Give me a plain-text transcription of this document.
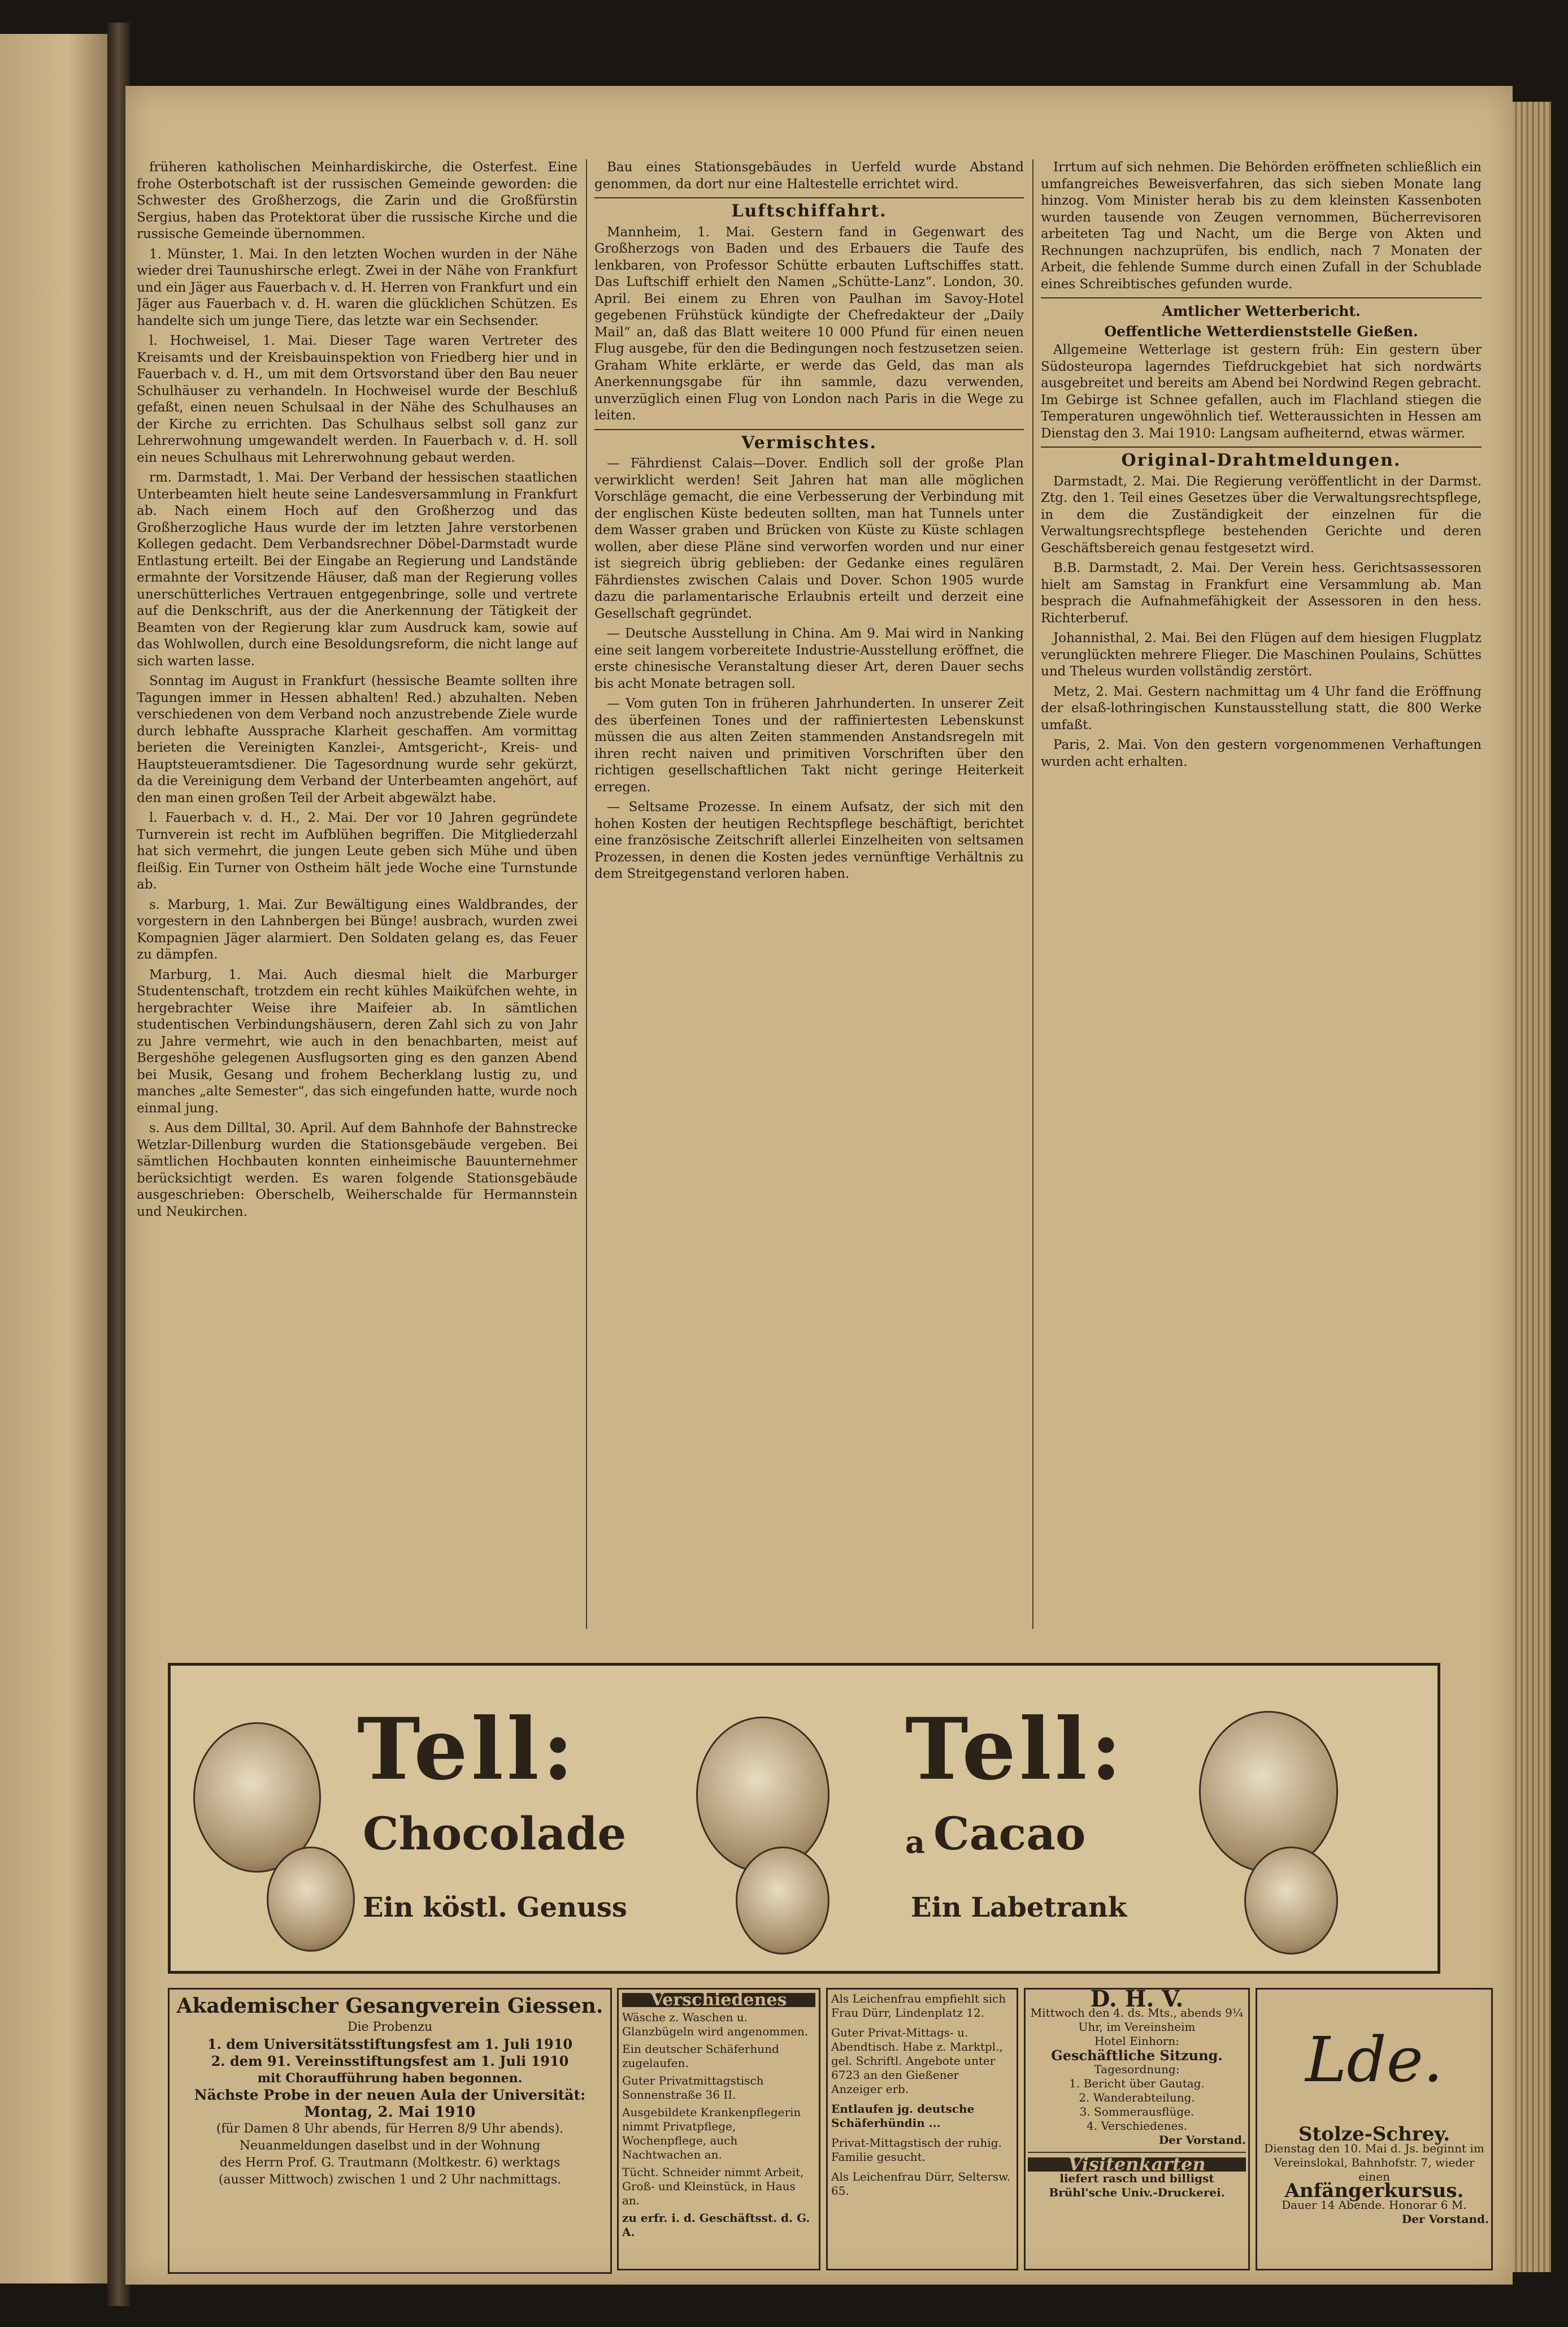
früheren katholischen Meinhardiskirche, die Osterfest. Eine frohe Osterbotschaft ist der russischen Gemeinde geworden: die Schwester des Großherzogs, die Zarin und die Großfürstin Sergius, haben das Protektorat über die russische Kirche und die russische Gemeinde übernommen.

1. Münster, 1. Mai. In den letzten Wochen wurden in der Nähe wieder drei Taunushirsche erlegt. Zwei in der Nähe von Frankfurt und ein Jäger aus Fauerbach v. d. H. Herren von Frankfurt und ein Jäger aus Fauerbach v. d. H. waren die glücklichen Schützen. Es handelte sich um junge Tiere, das letzte war ein Sechsender.

l. Hochweisel, 1. Mai. Dieser Tage waren Vertreter des Kreisamts und der Kreisbauinspektion von Friedberg hier und in Fauerbach v. d. H., um mit dem Ortsvorstand über den Bau neuer Schulhäuser zu verhandeln. In Hochweisel wurde der Beschluß gefaßt, einen neuen Schulsaal in der Nähe des Schulhauses an der Kirche zu errichten. Das Schulhaus selbst soll ganz zur Lehrerwohnung umgewandelt werden. In Fauerbach v. d. H. soll ein neues Schulhaus mit Lehrerwohnung gebaut werden.

rm. Darmstadt, 1. Mai. Der Verband der hessischen staatlichen Unterbeamten hielt heute seine Landesversammlung in Frankfurt ab. Nach einem Hoch auf den Großherzog und das Großherzogliche Haus wurde der im letzten Jahre verstorbenen Kollegen gedacht. Dem Verbandsrechner Döbel-Darmstadt wurde Entlastung erteilt. Bei der Eingabe an Regierung und Landstände ermahnte der Vorsitzende Häuser, daß man der Regierung volles unerschütterliches Vertrauen entgegenbringe, solle und vertrete auf die Denkschrift, aus der die Anerkennung der Tätigkeit der Beamten von der Regierung klar zum Ausdruck kam, sowie auf das Wohlwollen, durch eine Besoldungsreform, die nicht lange auf sich warten lasse.

Sonntag im August in Frankfurt (hessische Beamte sollten ihre Tagungen immer in Hessen abhalten! Red.) abzuhalten. Neben verschiedenen von dem Verband noch anzustrebende Ziele wurde durch lebhafte Aussprache Klarheit geschaffen. Am vormittag berieten die Vereinigten Kanzlei-, Amtsgericht-, Kreis- und Hauptsteueramtsdiener. Die Tagesordnung wurde sehr gekürzt, da die Vereinigung dem Verband der Unterbeamten angehört, auf den man einen großen Teil der Arbeit abgewälzt habe.

l. Fauerbach v. d. H., 2. Mai. Der vor 10 Jahren gegründete Turnverein ist recht im Aufblühen begriffen. Die Mitgliederzahl hat sich vermehrt, die jungen Leute geben sich Mühe und üben fleißig. Ein Turner von Ostheim hält jede Woche eine Turnstunde ab.

s. Marburg, 1. Mai. Zur Bewältigung eines Waldbrandes, der vorgestern in den Lahnbergen bei Bünge! ausbrach, wurden zwei Kompagnien Jäger alarmiert. Den Soldaten gelang es, das Feuer zu dämpfen.

Marburg, 1. Mai. Auch diesmal hielt die Marburger Studentenschaft, trotzdem ein recht kühles Maiküfchen wehte, in hergebrachter Weise ihre Maifeier ab. In sämtlichen studentischen Verbindungshäusern, deren Zahl sich zu von Jahr zu Jahre vermehrt, wie auch in den benachbarten, meist auf Bergeshöhe gelegenen Ausflugsorten ging es den ganzen Abend bei Musik, Gesang und frohem Becherklang lustig zu, und manches „alte Semester“, das sich eingefunden hatte, wurde noch einmal jung.

s. Aus dem Dilltal, 30. April. Auf dem Bahnhofe der Bahnstrecke Wetzlar-Dillenburg wurden die Stationsgebäude vergeben. Bei sämtlichen Hochbauten konnten einheimische Bauunternehmer berücksichtigt werden. Es waren folgende Stationsgebäude ausgeschrieben: Oberschelb, Weiherschalde für Hermannstein und Neukirchen.

Bau eines Stationsgebäudes in Uerfeld wurde Abstand genommen, da dort nur eine Haltestelle errichtet wird.

Luftschiffahrt.

Mannheim, 1. Mai. Gestern fand in Gegenwart des Großherzogs von Baden und des Erbauers die Taufe des lenkbaren, von Professor Schütte erbauten Luftschiffes statt. Das Luftschiff erhielt den Namen „Schütte-Lanz“. London, 30. April. Bei einem zu Ehren von Paulhan im Savoy-Hotel gegebenen Frühstück kündigte der Chefredakteur der „Daily Mail“ an, daß das Blatt weitere 10 000 Pfund für einen neuen Flug ausgebe, für den die Bedingungen noch festzusetzen seien. Graham White erklärte, er werde das Geld, das man als Anerkennungsgabe für ihn sammle, dazu verwenden, unverzüglich einen Flug von London nach Paris in die Wege zu leiten.

Vermischtes.

— Fährdienst Calais—Dover. Endlich soll der große Plan verwirklicht werden! Seit Jahren hat man alle möglichen Vorschläge gemacht, die eine Verbesserung der Verbindung mit der englischen Küste bedeuten sollten, man hat Tunnels unter dem Wasser graben und Brücken von Küste zu Küste schlagen wollen, aber diese Pläne sind verworfen worden und nur einer ist siegreich übrig geblieben: der Gedanke eines regulären Fährdienstes zwischen Calais und Dover. Schon 1905 wurde dazu die parlamentarische Erlaubnis erteilt und derzeit eine Gesellschaft gegründet.

— Deutsche Ausstellung in China. Am 9. Mai wird in Nanking eine seit langem vorbereitete Industrie-Ausstellung eröffnet, die erste chinesische Veranstaltung dieser Art, deren Dauer sechs bis acht Monate betragen soll.

— Vom guten Ton in früheren Jahrhunderten. In unserer Zeit des überfeinen Tones und der raffiniertesten Lebenskunst müssen die aus alten Zeiten stammenden Anstandsregeln mit ihren recht naiven und primitiven Vorschriften über den richtigen gesellschaftlichen Takt nicht geringe Heiterkeit erregen.

— Seltsame Prozesse. In einem Aufsatz, der sich mit den hohen Kosten der heutigen Rechtspflege beschäftigt, berichtet eine französische Zeitschrift allerlei Einzelheiten von seltsamen Prozessen, in denen die Kosten jedes vernünftige Verhältnis zu dem Streitgegenstand verloren haben.

Irrtum auf sich nehmen. Die Behörden eröffneten schließlich ein umfangreiches Beweisverfahren, das sich sieben Monate lang hinzog. Vom Minister herab bis zu dem kleinsten Kassenboten wurden tausende von Zeugen vernommen, Bücherrevisoren arbeiteten Tag und Nacht, um die Berge von Akten und Rechnungen nachzuprüfen, bis endlich, nach 7 Monaten der Arbeit, die fehlende Summe durch einen Zufall in der Schublade eines Schreibtisches gefunden wurde.

Amtlicher Wetterbericht.
Oeffentliche Wetterdienststelle Gießen.

Allgemeine Wetterlage ist gestern früh: Ein gestern über Südosteuropa lagerndes Tiefdruckgebiet hat sich nordwärts ausgebreitet und bereits am Abend bei Nordwind Regen gebracht. Im Gebirge ist Schnee gefallen, auch im Flachland stiegen die Temperaturen ungewöhnlich tief. Wetteraussichten in Hessen am Dienstag den 3. Mai 1910: Langsam aufheiternd, etwas wärmer.

Original-Drahtmeldungen.

Darmstadt, 2. Mai. Die Regierung veröffentlicht in der Darmst. Ztg. den 1. Teil eines Gesetzes über die Verwaltungsrechtspflege, in dem die Zuständigkeit der einzelnen für die Verwaltungsrechtspflege bestehenden Gerichte und deren Geschäftsbereich genau festgesetzt wird.

B.B. Darmstadt, 2. Mai. Der Verein hess. Gerichtsassessoren hielt am Samstag in Frankfurt eine Versammlung ab. Man besprach die Aufnahmefähigkeit der Assessoren in den hess. Richterberuf.

Johannisthal, 2. Mai. Bei den Flügen auf dem hiesigen Flugplatz verunglückten mehrere Flieger. Die Maschinen Poulains, Schüttes und Theleus wurden vollständig zerstört.

Metz, 2. Mai. Gestern nachmittag um 4 Uhr fand die Eröffnung der elsaß-lothringischen Kunstausstellung statt, die 800 Werke umfaßt.

Paris, 2. Mai. Von den gestern vorgenommenen Verhaftungen wurden acht erhalten.

Tell:
Chocolade
Ein köstl. Genuss
Tell:
a Cacao
Ein Labetrank
Akademischer Gesangverein Giessen.
Die Probenzu
1. dem Universitätsstiftungsfest am 1. Juli 1910
2. dem 91. Vereinsstiftungsfest am 1. Juli 1910
mit Choraufführung haben begonnen.
Nächste Probe in der neuen Aula der Universität:
Montag, 2. Mai 1910
(für Damen 8 Uhr abends, für Herren 8/9 Uhr abends).
Neuanmeldungen daselbst und in der Wohnung
des Herrn Prof. G. Trautmann (Moltkestr. 6) werktags
(ausser Mittwoch) zwischen 1 und 2 Uhr nachmittags.
Verschiedenes
Wäsche z. Waschen u. Glanzbügeln wird angenommen.
Ein deutscher Schäferhund zugelaufen.
Guter Privatmittagstisch Sonnenstraße 36 II.
Ausgebildete Krankenpflegerin nimmt Privatpflege, Wochenpflege, auch Nachtwachen an.
Tücht. Schneider nimmt Arbeit, Groß- und Kleinstück, in Haus an.
zu erfr. i. d. Geschäftsst. d. G. A.
Als Leichenfrau empfiehlt sich Frau Dürr, Lindenplatz 12.
Guter Privat-Mittags- u. Abendtisch. Habe z. Marktpl., gel. Schriftl. Angebote unter 6723 an den Gießener Anzeiger erb.
Entlaufen jg. deutsche Schäferhündin ...
Privat-Mittagstisch der ruhig. Familie gesucht.
Als Leichenfrau Dürr, Seltersw. 65.
D. H. V.
Mittwoch den 4. ds. Mts., abends 9¼ Uhr, im Vereinsheim
Hotel Einhorn:
Geschäftliche Sitzung.
Tagesordnung:
1. Bericht über Gautag.
2. Wanderabteilung.
3. Sommerausflüge.
4. Verschiedenes.
Der Vorstand.
Visitenkarten
liefert rasch und billigst
Brühl'sche Univ.-Druckerei.
Lde.
Stolze-Schrey.
Dienstag den 10. Mai d. Js. beginnt im Vereinslokal, Bahnhofstr. 7, wieder einen
Anfängerkursus.
Dauer 14 Abende. Honorar 6 M.
Der Vorstand.
